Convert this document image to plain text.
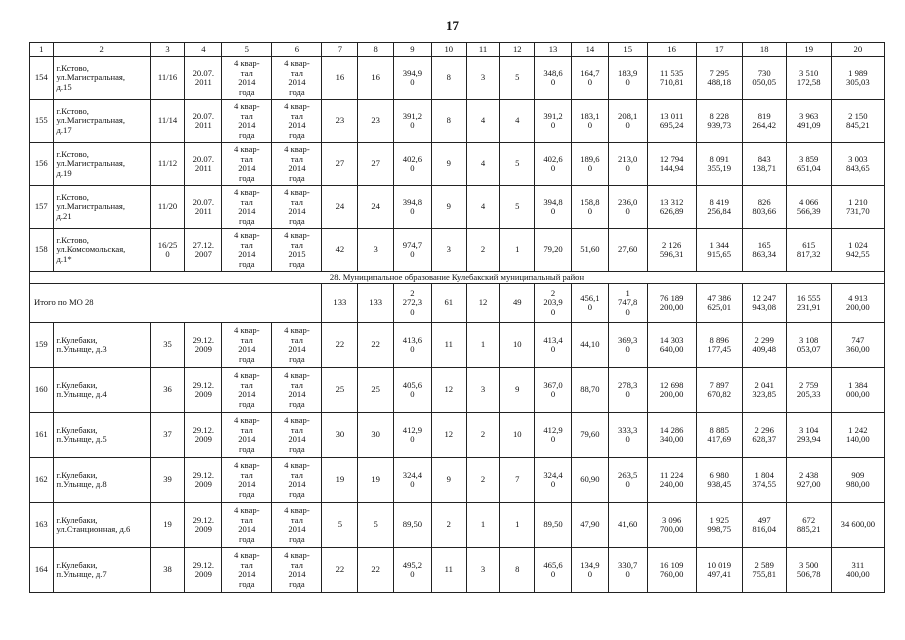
17
1	2	3	4	5	6	7	8	9	10	11	12	13	14	15	16	17	18	19	20
154	г.Кстово,
ул.Магистральная,
д.15	11/16	20.07.
2011	4 квар-
тал
2014
года	4 квар-
тал
2014
года	16	16	394,9
0	8	3	5	348,6
0	164,7
0	183,9
0	11 535
710,81	7 295
488,18	730
050,05	3 510
172,58	1 989
305,03
155	г.Кстово,
ул.Магистральная,
д.17	11/14	20.07.
2011	4 квар-
тал
2014
года	4 квар-
тал
2014
года	23	23	391,2
0	8	4	4	391,2
0	183,1
0	208,1
0	13 011
695,24	8 228
939,73	819
264,42	3 963
491,09	2 150
845,21
156	г.Кстово,
ул.Магистральная,
д.19	11/12	20.07.
2011	4 квар-
тал
2014
года	4 квар-
тал
2014
года	27	27	402,6
0	9	4	5	402,6
0	189,6
0	213,0
0	12 794
144,94	8 091
355,19	843
138,71	3 859
651,04	3 003
843,65
157	г.Кстово,
ул.Магистральная,
д.21	11/20	20.07.
2011	4 квар-
тал
2014
года	4 квар-
тал
2014
года	24	24	394,8
0	9	4	5	394,8
0	158,8
0	236,0
0	13 312
626,89	8 419
256,84	826
803,66	4 066
566,39	1 210
731,70
158	г.Кстово,
ул.Комсомольская,
д.1*	16/25
0	27.12.
2007	4 квар-
тал
2014
года	4 квар-
тал
2015
года	42	3	974,7
0	3	2	1	79,20	51,60	27,60	2 126
596,31	1 344
915,65	165
863,34	615
817,32	1 024
942,55
28. Муниципальное образование Кулебакский муниципальный район																			
Итого по МО 28						133	133	2
272,3
0	61	12	49	2
203,9
0	456,1
0	1
747,8
0	76 189
200,00	47 386
625,01	12 247
943,08	16 555
231,91	4 913
200,00
159	г.Кулебаки,
п.Ульнще, д.3	35	29.12.
2009	4 квар-
тал
2014
года	4 квар-
тал
2014
года	22	22	413,6
0	11	1	10	413,4
0	44,10	369,3
0	14 303
640,00	8 896
177,45	2 299
409,48	3 108
053,07	747
360,00
160	г.Кулебаки,
п.Ульнще, д.4	36	29.12.
2009	4 квар-
тал
2014
года	4 квар-
тал
2014
года	25	25	405,6
0	12	3	9	367,0
0	88,70	278,3
0	12 698
200,00	7 897
670,82	2 041
323,85	2 759
205,33	1 384
000,00
161	г.Кулебаки,
п.Ульнще, д.5	37	29.12.
2009	4 квар-
тал
2014
года	4 квар-
тал
2014
года	30	30	412,9
0	12	2	10	412,9
0	79,60	333,3
0	14 286
340,00	8 885
417,69	2 296
628,37	3 104
293,94	1 242
140,00
162	г.Кулебаки,
п.Ульнще, д.8	39	29.12.
2009	4 квар-
тал
2014
года	4 квар-
тал
2014
года	19	19	324,4
0	9	2	7	324,4
0	60,90	263,5
0	11 224
240,00	6 980
938,45	1 804
374,55	2 438
927,00	909
980,00
163	г.Кулебаки,
ул.Станционная, д.6	19	29.12.
2009	4 квар-
тал
2014
года	4 квар-
тал
2014
года	5	5	89,50	2	1	1	89,50	47,90	41,60	3 096
700,00	1 925
998,75	497
816,04	672
885,21	34 600,00
164	г.Кулебаки,
п.Ульнще, д.7	38	29.12.
2009	4 квар-
тал
2014
года	4 квар-
тал
2014
года	22	22	495,2
0	11	3	8	465,6
0	134,9
0	330,7
0	16 109
760,00	10 019
497,41	2 589
755,81	3 500
506,78	311
400,00
